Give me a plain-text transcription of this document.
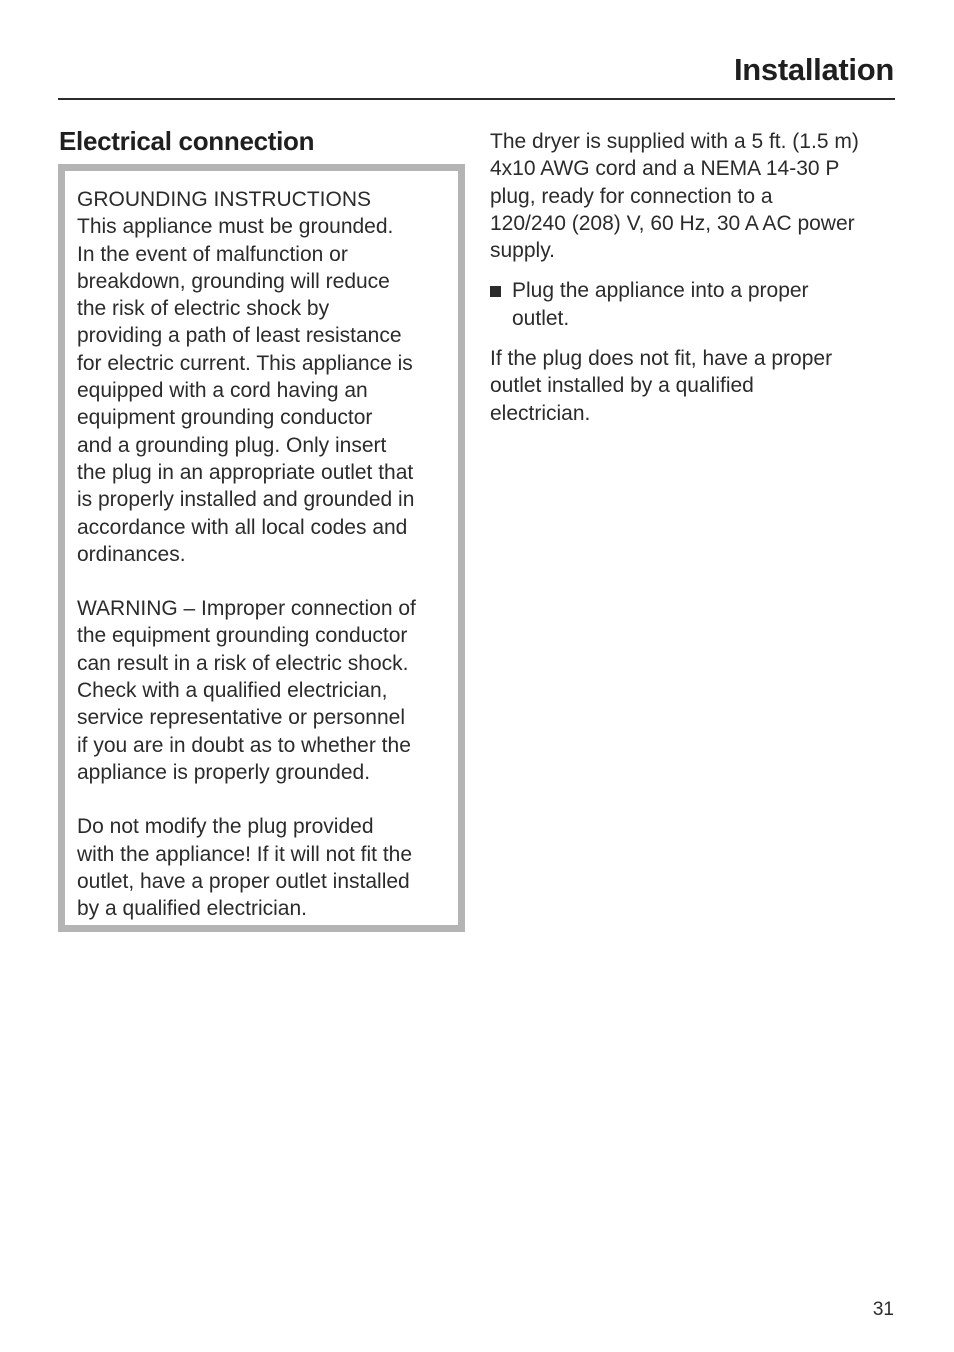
Installation
Electrical connection

GROUNDING INSTRUCTIONS
This appliance must be grounded.
In the event of malfunction or
breakdown, grounding will reduce
the risk of electric shock by
providing a path of least resistance
for electric current. This appliance is
equipped with a cord having an
equipment grounding conductor
and a grounding plug. Only insert
the plug in an appropriate outlet that
is properly installed and grounded in
accordance with all local codes and
ordinances.

WARNING – Improper connection of
the equipment grounding conductor
can result in a risk of electric shock.
Check with a qualified electrician,
service representative or personnel
if you are in doubt as to whether the
appliance is properly grounded.

Do not modify the plug provided
with the appliance! If it will not fit the
outlet, have a proper outlet installed
by a qualified electrician.

The dryer is supplied with a 5 ft. (1.5 m)
4x10 AWG cord and a NEMA 14-30 P
plug, ready for connection to a
120/240 (208) V, 60 Hz, 30 A AC power
supply.

Plug the appliance into a proper
outlet.

If the plug does not fit, have a proper
outlet installed by a qualified
electrician.

31
